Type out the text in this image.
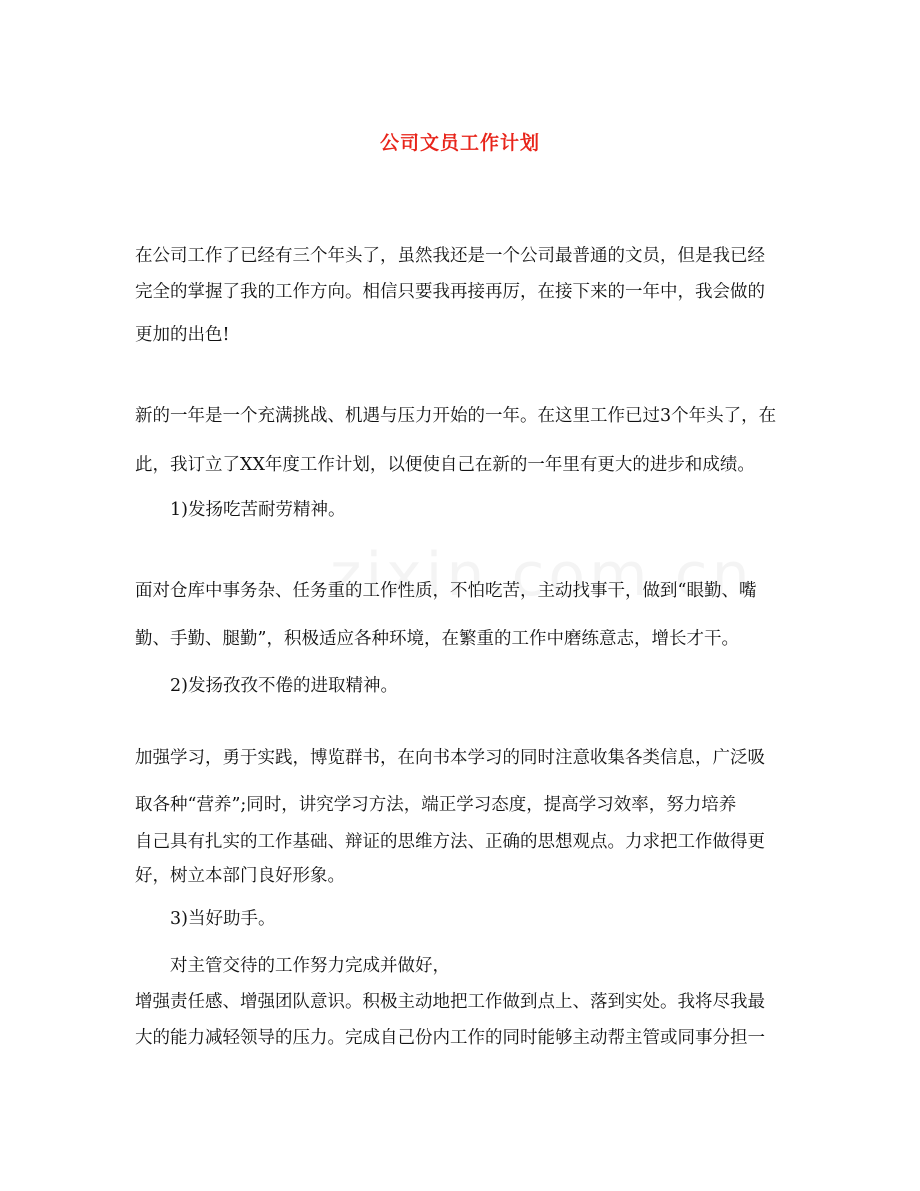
公司文员工作计划
在公司工作了已经有三个年头了，虽然我还是一个公司最普通的文员，但是我已经
完全的掌握了我的工作方向。相信只要我再接再厉，在接下来的一年中，我会做的
更加的出色!
新的一年是一个充满挑战、机遇与压力开始的一年。在这里工作已过3个年头了，在
此，我订立了XX年度工作计划，以便使自己在新的一年里有更大的进步和成绩。
1)发扬吃苦耐劳精神。
面对仓库中事务杂、任务重的工作性质，不怕吃苦，主动找事干，做到“眼勤、嘴
勤、手勤、腿勤”，积极适应各种环境，在繁重的工作中磨练意志，增长才干。
2)发扬孜孜不倦的进取精神。
加强学习，勇于实践，博览群书，在向书本学习的同时注意收集各类信息，广泛吸
取各种“营养”;同时，讲究学习方法，端正学习态度，提高学习效率，努力培养
自己具有扎实的工作基础、辩证的思维方法、正确的思想观点。力求把工作做得更
好，树立本部门良好形象。
3)当好助手。
对主管交待的工作努力完成并做好，
增强责任感、增强团队意识。积极主动地把工作做到点上、落到实处。我将尽我最
大的能力减轻领导的压力。完成自己份内工作的同时能够主动帮主管或同事分担一
